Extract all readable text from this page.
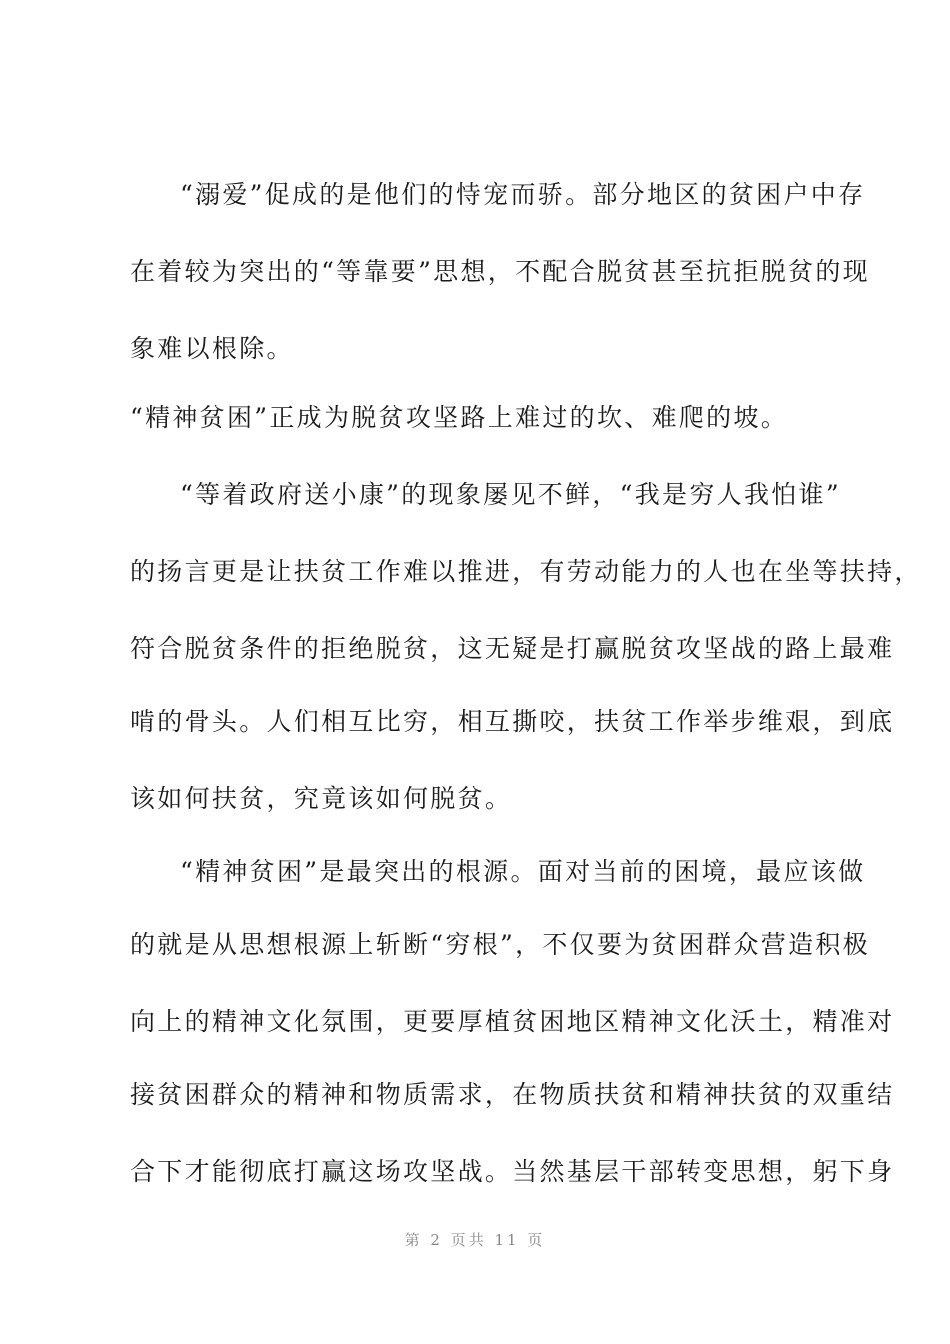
“溺爱”促成的是他们的恃宠而骄。部分地区的贫困户中存
在着较为突出的“等靠要”思想，不配合脱贫甚至抗拒脱贫的现
象难以根除。
“精神贫困”正成为脱贫攻坚路上难过的坎、难爬的坡。
“等着政府送小康”的现象屡见不鲜，“我是穷人我怕谁”
的扬言更是让扶贫工作难以推进，有劳动能力的人也在坐等扶持，
符合脱贫条件的拒绝脱贫，这无疑是打赢脱贫攻坚战的路上最难
啃的骨头。人们相互比穷，相互撕咬，扶贫工作举步维艰，到底
该如何扶贫，究竟该如何脱贫。
“精神贫困”是最突出的根源。面对当前的困境，最应该做
的就是从思想根源上斩断“穷根”，不仅要为贫困群众营造积极
向上的精神文化氛围，更要厚植贫困地区精神文化沃土，精准对
接贫困群众的精神和物质需求，在物质扶贫和精神扶贫的双重结
合下才能彻底打赢这场攻坚战。当然基层干部转变思想，躬下身
第 2 页共 11 页
